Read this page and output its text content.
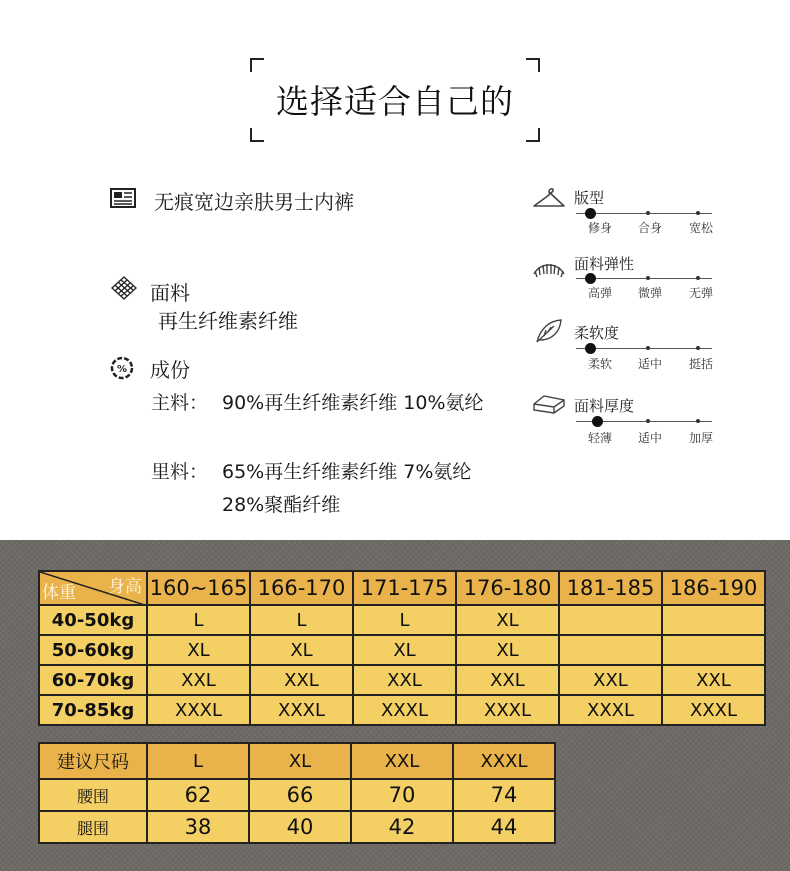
选择适合自己的
无痕宽边亲肤男士内裤
面料
再生纤维素纤维
% 成份
主料： 90%再生纤维素纤维 10%氨纶
里料： 65%再生纤维素纤维 7%氨纶
28%聚酯纤维
版型
修身 合身 宽松
面料弹性
高弹 微弹 无弹
柔软度
柔软 适中 挺括
面料厚度
轻薄 适中 加厚
身高
体重	160~165	166-170	171-175	176-180	181-185	186-190
40-50kg	L	L	L	XL		
50-60kg	XL	XL	XL	XL		
60-70kg	XXL	XXL	XXL	XXL	XXL	XXL
70-85kg	XXXL	XXXL	XXXL	XXXL	XXXL	XXXL
建议尺码	L	XL	XXL	XXXL
腰围	62	66	70	74
腿围	38	40	42	44
